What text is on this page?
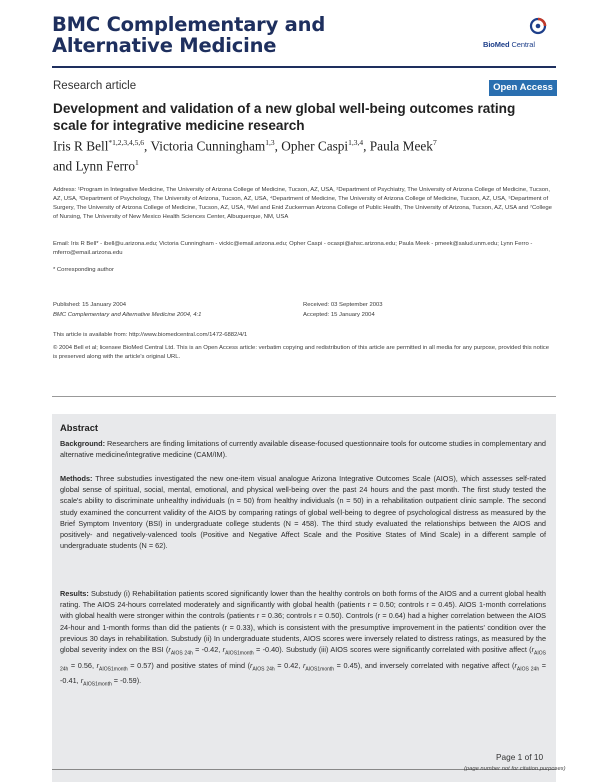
BMC Complementary and
Alternative Medicine	BioMed Central
Research article	Open Access
Development and validation of a new global well-being outcomes rating scale for integrative medicine research

Iris R Bell$^{*1,2,3,4,5,6}$, Victoria Cunningham$^{1,3}$, Opher Caspi$^{1,3,4}$, Paula Meek$^7$
and Lynn Ferro$^1$

Address: ¹Program in Integrative Medicine, The University of Arizona College of Medicine, Tucson, AZ, USA, ²Department of Psychiatry, The University of Arizona College of Medicine, Tucson, AZ, USA, ³Department of Psychology, The University of Arizona, Tucson, AZ, USA, ⁴Department of Medicine, The University of Arizona College of Medicine, Tucson, AZ, USA, ⁵Department of Surgery, The University of Arizona College of Medicine, Tucson, AZ, USA, ⁶Mel and Enid Zuckerman Arizona College of Public Health, The University of Arizona, Tucson, AZ, USA and ⁷College of Nursing, The University of New Mexico Health Sciences Center, Albuquerque, NM, USA

Email: Iris R Bell* - ibell@u.arizona.edu; Victoria Cunningham - vickic@email.arizona.edu; Opher Caspi - ocaspi@ahsc.arizona.edu; Paula Meek - pmeek@salud.unm.edu; Lynn Ferro - mferro@email.arizona.edu

* Corresponding author

Published: 15 January 2004
BMC Complementary and Alternative Medicine 2004, 4:1
Received: 03 September 2003
Accepted: 15 January 2004
This article is available from: http://www.biomedcentral.com/1472-6882/4/1

© 2004 Bell et al; licensee BioMed Central Ltd. This is an Open Access article: verbatim copying and redistribution of this article are permitted in all media for any purpose, provided this notice is preserved along with the article's original URL.

Abstract

Background: Researchers are finding limitations of currently available disease-focused questionnaire tools for outcome studies in complementary and alternative medicine/integrative medicine (CAM/IM).

Methods: Three substudies investigated the new one-item visual analogue Arizona Integrative Outcomes Scale (AIOS), which assesses self-rated global sense of spiritual, social, mental, emotional, and physical well-being over the past 24 hours and the past month. The first study tested the scale's ability to discriminate unhealthy individuals (n = 50) from healthy individuals (n = 50) in a rehabilitation outpatient clinic sample. The second study examined the concurrent validity of the AIOS by comparing ratings of global well-being to degree of psychological distress as measured by the Brief Symptom Inventory (BSI) in undergraduate college students (N = 458). The third study evaluated the relationships between the AIOS and positively- and negatively-valenced tools (Positive and Negative Affect Scale and the Positive States of Mind Scale) in a different sample of undergraduate students (N = 62).

Results: Substudy (i) Rehabilitation patients scored significantly lower than the healthy controls on both forms of the AIOS and a current global health rating. The AIOS 24-hours correlated moderately and significantly with global health (patients r = 0.50; controls r = 0.45). AIOS 1-month correlations with global health were stronger within the controls (patients r = 0.36; controls r = 0.50). Controls (r = 0.64) had a higher correlation between the AIOS 24-hour and 1-month forms than did the patients (r = 0.33), which is consistent with the presumptive improvement in the patients' condition over the previous 30 days in rehabilitation. Substudy (ii) In undergraduate students, AIOS scores were inversely related to distress ratings, as measured by the global severity index on the BSI ($r_{AIOS 24h} = -0.42$, $r_{AIOS1month} = -0.40$). Substudy (iii) AIOS scores were significantly correlated with positive affect ($r_{AIOS 24h} = 0.56$, $r_{AIOS1month} = 0.57$) and positive states of mind ($r_{AIOS 24h} = 0.42$, $r_{AIOS1month} = 0.45$), and inversely correlated with negative affect ($r_{AIOS 24h} = -0.41$, $r_{AIOS1month} = -0.59$).

Page 1 of 10
(page number not for citation purposes)
